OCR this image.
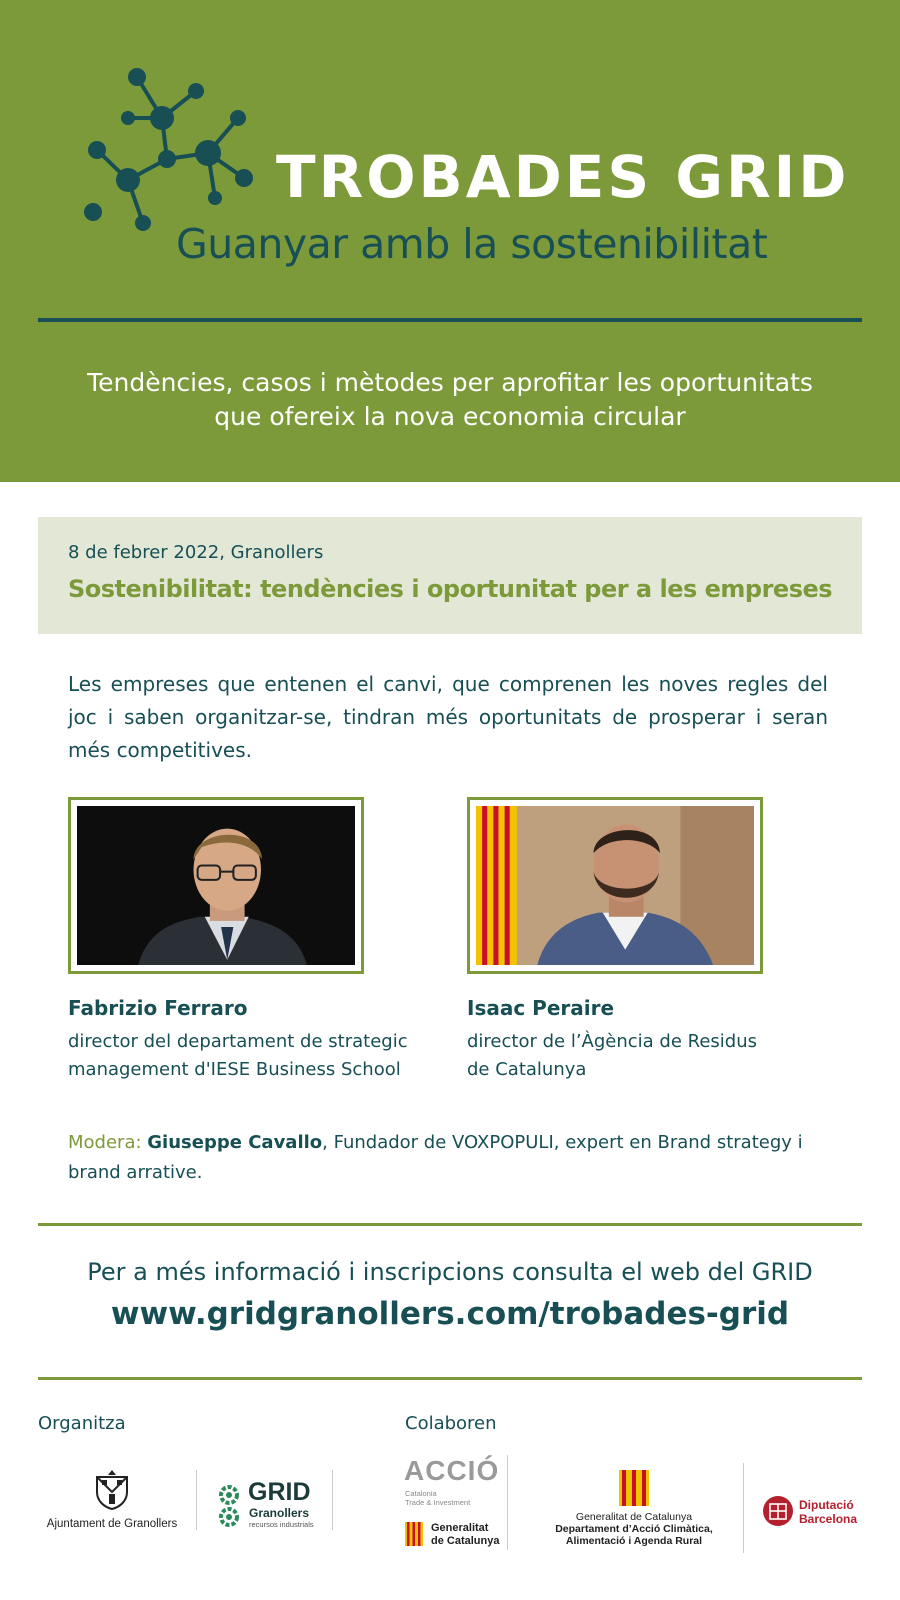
TROBADES GRID
Guanyar amb la sostenibilitat
Tendències, casos i mètodes per aprofitar les oportunitats
que ofereix la nova economia circular
8 de febrer 2022, Granollers
Sostenibilitat: tendències i oportunitat per a les empreses
Les empreses que entenen el canvi, que comprenen les noves regles del joc i saben organitzar-se, tindran més oportunitats de prosperar i seran més competitives.
Fabrizio Ferraro
director del departament de strategic
management d'IESE Business School
Isaac Peraire
director de l’Àgència de Residus
de Catalunya
Modera: Giuseppe Cavallo, Fundador de VOXPOPULI, expert en Brand strategy i brand arrative.
Per a més informació i inscripcions consulta el web del GRID
www.gridgranollers.com/trobades-grid
Organitza	Colaboren
Ajuntament de Granollers
GRID
Granollers
recursos industrials
ACCIÓ
Catalonia
Trade & Investment
Generalitat
de Catalunya
Generalitat de Catalunya
Departament d’Acció Climàtica,
Alimentació i Agenda Rural
Diputació
Barcelona
